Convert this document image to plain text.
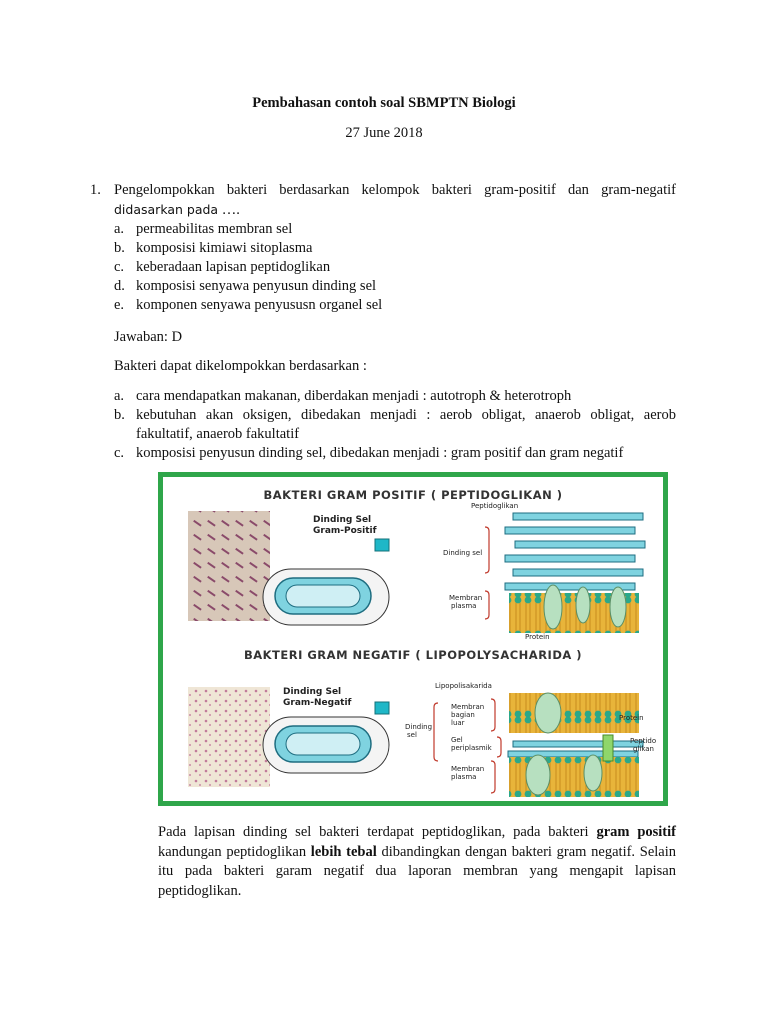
Pembahasan contoh soal SBMPTN Biologi
27 June 2018
1. Pengelompokkan bakteri berdasarkan kelompok bakteri gram-positif dan gram-negatif
didasarkan pada ….
a. permeabilitas membran sel
b. komposisi kimiawi sitoplasma
c. keberadaan lapisan peptidoglikan
d. komposisi senyawa penyusun dinding sel
e. komponen senyawa penyususn organel sel
Jawaban: D
Bakteri dapat dikelompokkan berdasarkan :
a. cara mendapatkan makanan, diberdakan menjadi : autotroph & heterotroph
b. kebutuhan akan oksigen, dibedakan menjadi : aerob obligat, anaerob obligat, aerob fakultatif, anaerob fakultatif
c. komposisi penyusun dinding sel, dibedakan menjadi : gram positif dan gram negatif
BAKTERI GRAM POSITIF ( PEPTIDOGLIKAN )
BAKTERI GRAM NEGATIF ( LIPOPOLYSACHARIDA )
Dinding Sel
Gram-Positif
Peptidoglikan
Dinding sel
Membran
plasma
Protein
Dinding Sel
Gram-Negatif
Lipopolisakarida
Dinding
sel
Membran
bagian
luar
Gel
periplasmik
Membran
plasma
Protein
Peptido
glikan
Pada lapisan dinding sel bakteri terdapat peptidoglikan, pada bakteri gram positif kandungan peptidoglikan lebih tebal dibandingkan dengan bakteri gram negatif. Selain itu pada bakteri garam negatif dua laporan membran yang mengapit lapisan peptidoglikan.
